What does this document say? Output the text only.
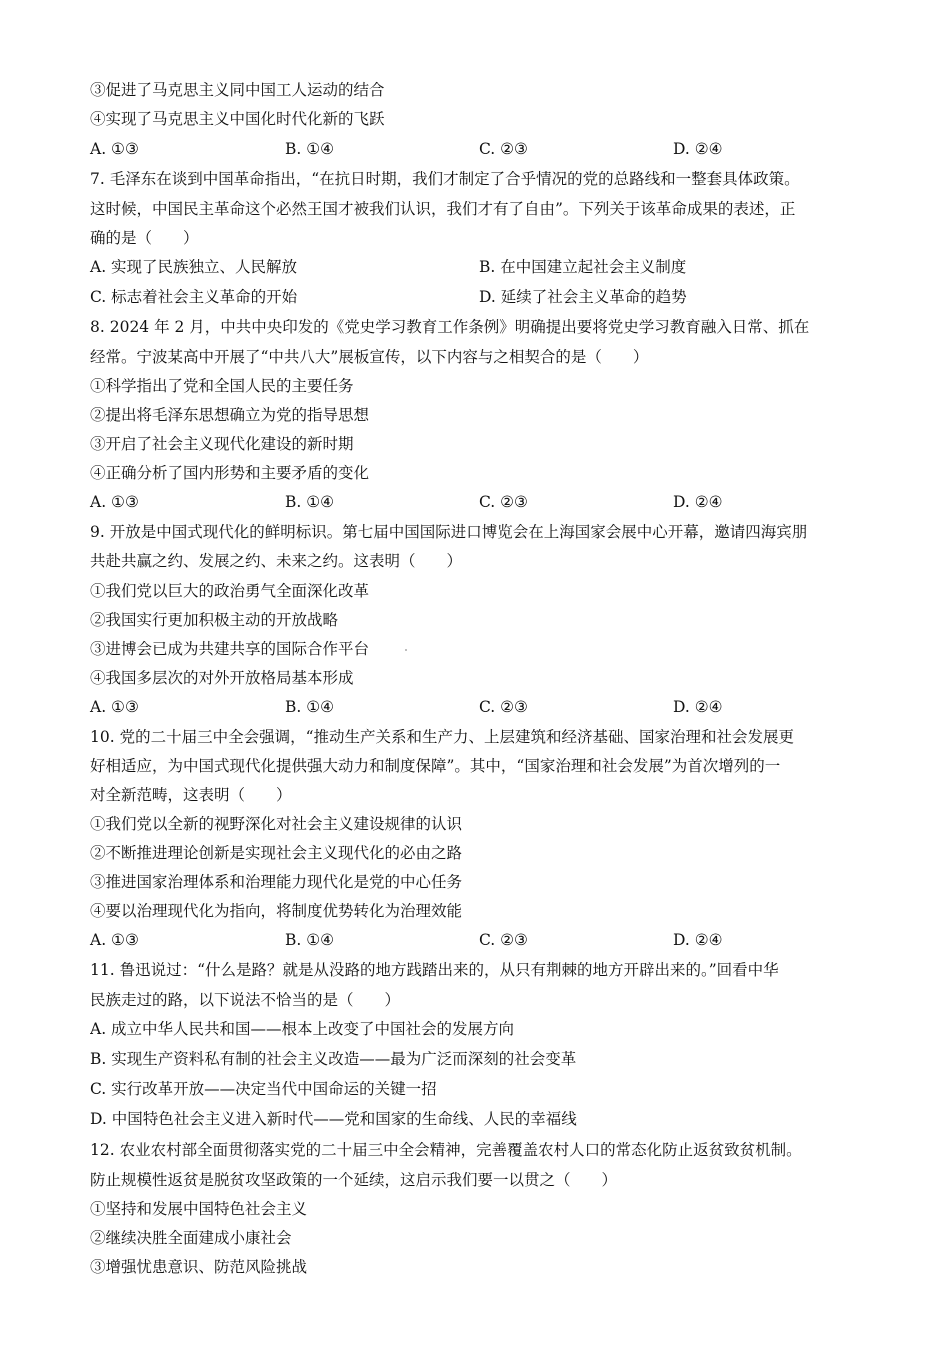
③促进了马克思主义同中国工人运动的结合
④实现了马克思主义中国化时代化新的飞跃
A. ①③	B. ①④	C. ②③	D. ②④
7. 毛泽东在谈到中国革命指出，“在抗日时期，我们才制定了合乎情况的党的总路线和一整套具体政策。
这时候，中国民主革命这个必然王国才被我们认识，我们才有了自由”。下列关于该革命成果的表述，正
确的是（　　）
A. 实现了民族独立、人民解放	B. 在中国建立起社会主义制度
C. 标志着社会主义革命的开始	D. 延续了社会主义革命的趋势
8. 2024 年 2 月，中共中央印发的《党史学习教育工作条例》明确提出要将党史学习教育融入日常、抓在
经常。宁波某高中开展了“中共八大”展板宣传，以下内容与之相契合的是（　　）
①科学指出了党和全国人民的主要任务
②提出将毛泽东思想确立为党的指导思想
③开启了社会主义现代化建设的新时期
④正确分析了国内形势和主要矛盾的变化
A. ①③	B. ①④	C. ②③	D. ②④
9. 开放是中国式现代化的鲜明标识。第七届中国国际进口博览会在上海国家会展中心开幕，邀请四海宾朋
共赴共赢之约、发展之约、未来之约。这表明（　　）
①我们党以巨大的政治勇气全面深化改革
②我国实行更加积极主动的开放战略
③进博会已成为共建共享的国际合作平台
④我国多层次的对外开放格局基本形成
A. ①③	B. ①④	C. ②③	D. ②④
10. 党的二十届三中全会强调，“推动生产关系和生产力、上层建筑和经济基础、国家治理和社会发展更
好相适应，为中国式现代化提供强大动力和制度保障”。其中，“国家治理和社会发展”为首次增列的一
对全新范畴，这表明（　　）
①我们党以全新的视野深化对社会主义建设规律的认识
②不断推进理论创新是实现社会主义现代化的必由之路
③推进国家治理体系和治理能力现代化是党的中心任务
④要以治理现代化为指向，将制度优势转化为治理效能
A. ①③	B. ①④	C. ②③	D. ②④
11. 鲁迅说过：“什么是路？就是从没路的地方践踏出来的，从只有荆棘的地方开辟出来的。”回看中华
民族走过的路，以下说法不恰当的是（　　）
A. 成立中华人民共和国——根本上改变了中国社会的发展方向
B. 实现生产资料私有制的社会主义改造——最为广泛而深刻的社会变革
C. 实行改革开放——决定当代中国命运的关键一招
D. 中国特色社会主义进入新时代——党和国家的生命线、人民的幸福线
12. 农业农村部全面贯彻落实党的二十届三中全会精神，完善覆盖农村人口的常态化防止返贫致贫机制。
防止规模性返贫是脱贫攻坚政策的一个延续，这启示我们要一以贯之（　　）
①坚持和发展中国特色社会主义
②继续决胜全面建成小康社会
③增强忧患意识、防范风险挑战
